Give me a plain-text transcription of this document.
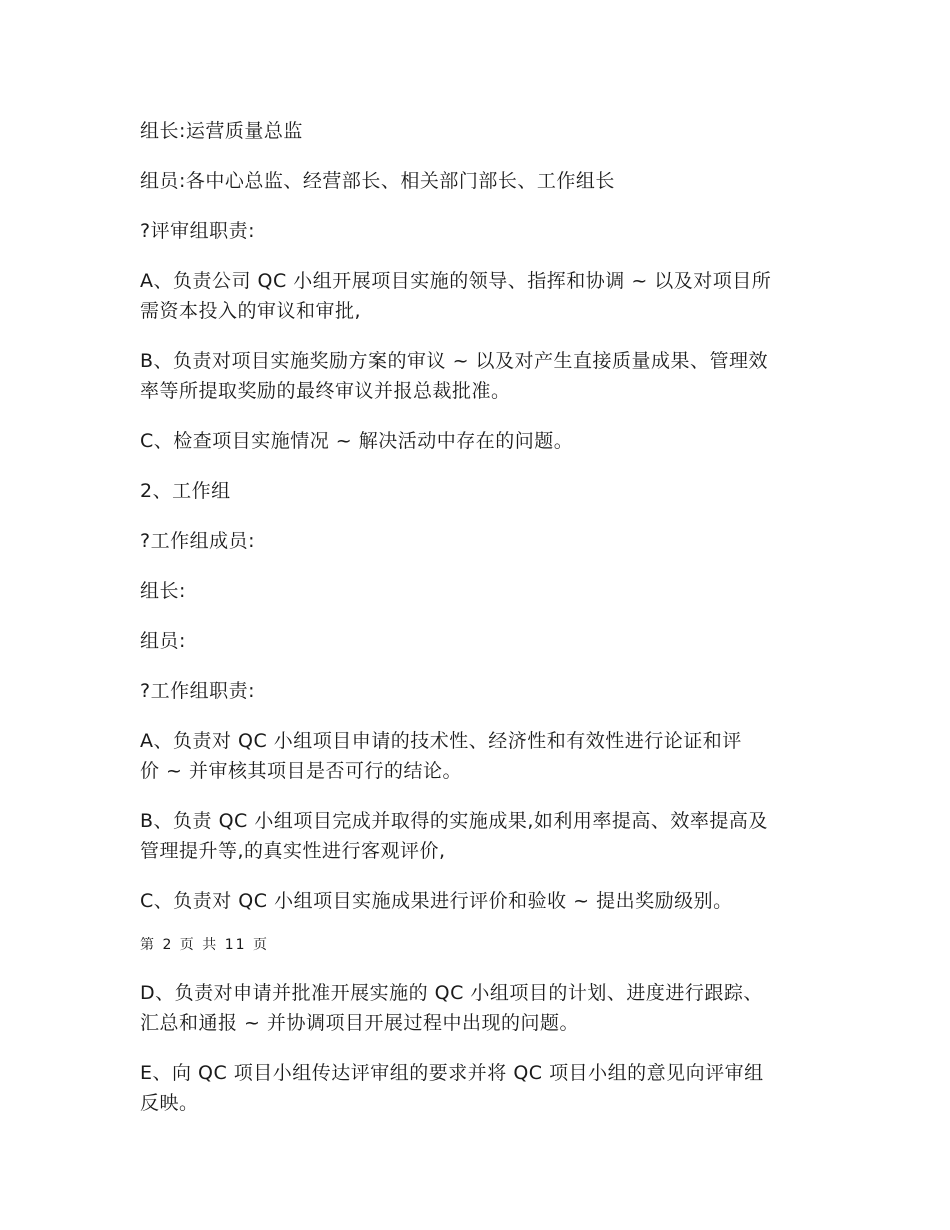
组长:运营质量总监

组员:各中心总监、经营部长、相关部门部长、工作组长

?评审组职责:

A、负责公司 QC 小组开展项目实施的领导、指挥和协调 ~ 以及对项目所
需资本投入的审议和审批,

B、负责对项目实施奖励方案的审议 ~ 以及对产生直接质量成果、管理效
率等所提取奖励的最终审议并报总裁批准。

C、检查项目实施情况 ~ 解决活动中存在的问题。

2、工作组

?工作组成员:

组长:

组员:

?工作组职责:

A、负责对 QC 小组项目申请的技术性、经济性和有效性进行论证和评
价 ~ 并审核其项目是否可行的结论。

B、负责 QC 小组项目完成并取得的实施成果,如利用率提高、效率提高及
管理提升等,的真实性进行客观评价,

C、负责对 QC 小组项目实施成果进行评价和验收 ~ 提出奖励级别。

第 2 页 共 11 页

D、负责对申请并批准开展实施的 QC 小组项目的计划、进度进行跟踪、
汇总和通报 ~ 并协调项目开展过程中出现的问题。

E、向 QC 项目小组传达评审组的要求并将 QC 项目小组的意见向评审组
反映。
